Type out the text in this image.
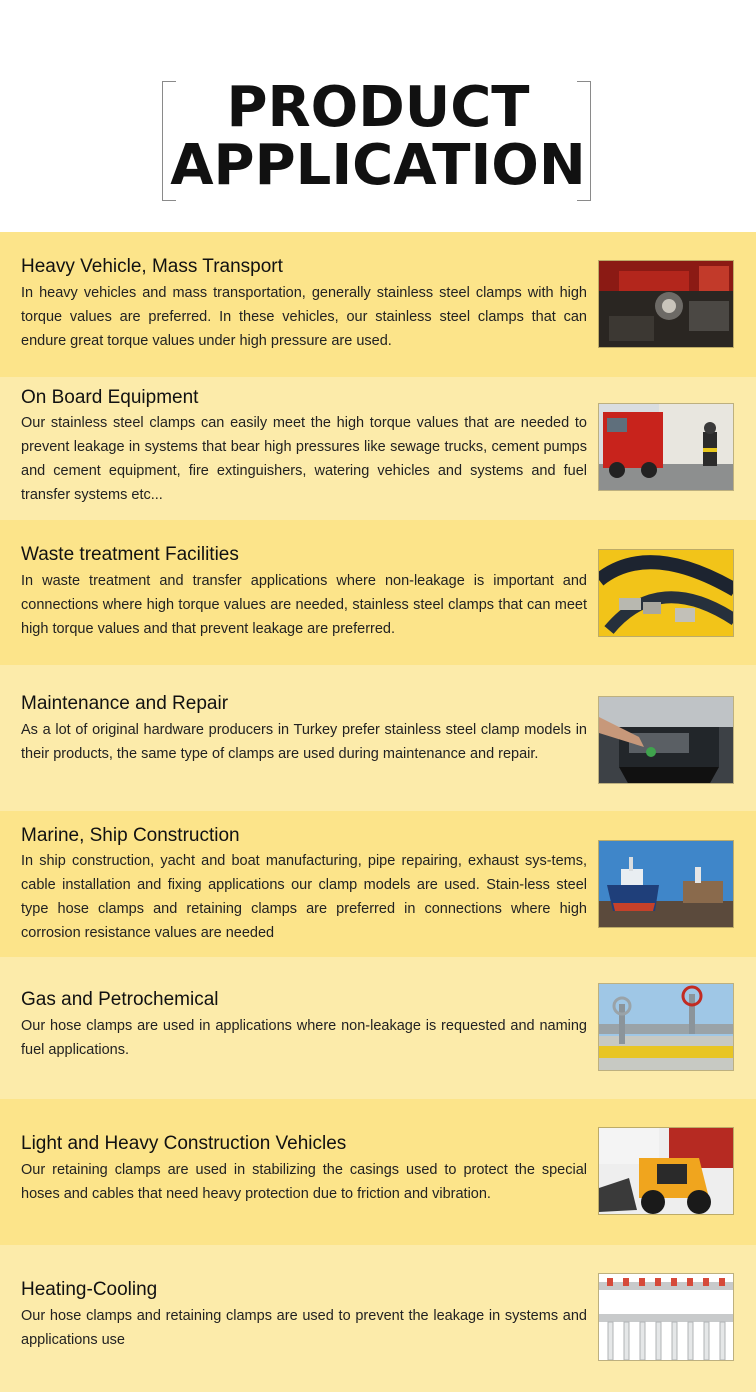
PRODUCT
APPLICATION
Heavy Vehicle, Mass Transport
In heavy vehicles and mass transportation, generally stainless steel clamps with high torque values are preferred. In these vehicles, our stainless steel clamps that can endure great torque values under high pressure are used.
On Board Equipment
Our stainless steel clamps can easily meet the high torque values that are needed to prevent leakage in systems that bear high pressures like sewage trucks, cement pumps and cement equipment, fire extinguishers, watering vehicles and systems and fuel transfer systems etc...
Waste treatment Facilities
In waste treatment and transfer applications where non-leakage is important and connections where high torque values are needed, stainless steel clamps that can meet high torque values and that prevent leakage are preferred.
Maintenance and Repair
As a lot of original hardware producers in Turkey prefer stainless steel clamp models in their products, the same type of clamps are used during maintenance and repair.
Marine, Ship Construction
In ship construction, yacht and boat manufacturing, pipe repairing, exhaust sys-tems, cable installation and fixing applications our clamp models are used. Stain-less steel type hose clamps and retaining clamps are preferred in connections where high corrosion resistance values are needed
Gas and Petrochemical
Our hose clamps are used in applications where non-leakage is requested and naming fuel applications.
Light and Heavy Construction Vehicles
Our retaining clamps are used in stabilizing the casings used to protect the special hoses and cables that need heavy protection due to friction and vibration.
Heating-Cooling
Our hose clamps and retaining clamps are used to prevent the leakage in systems and applications use
